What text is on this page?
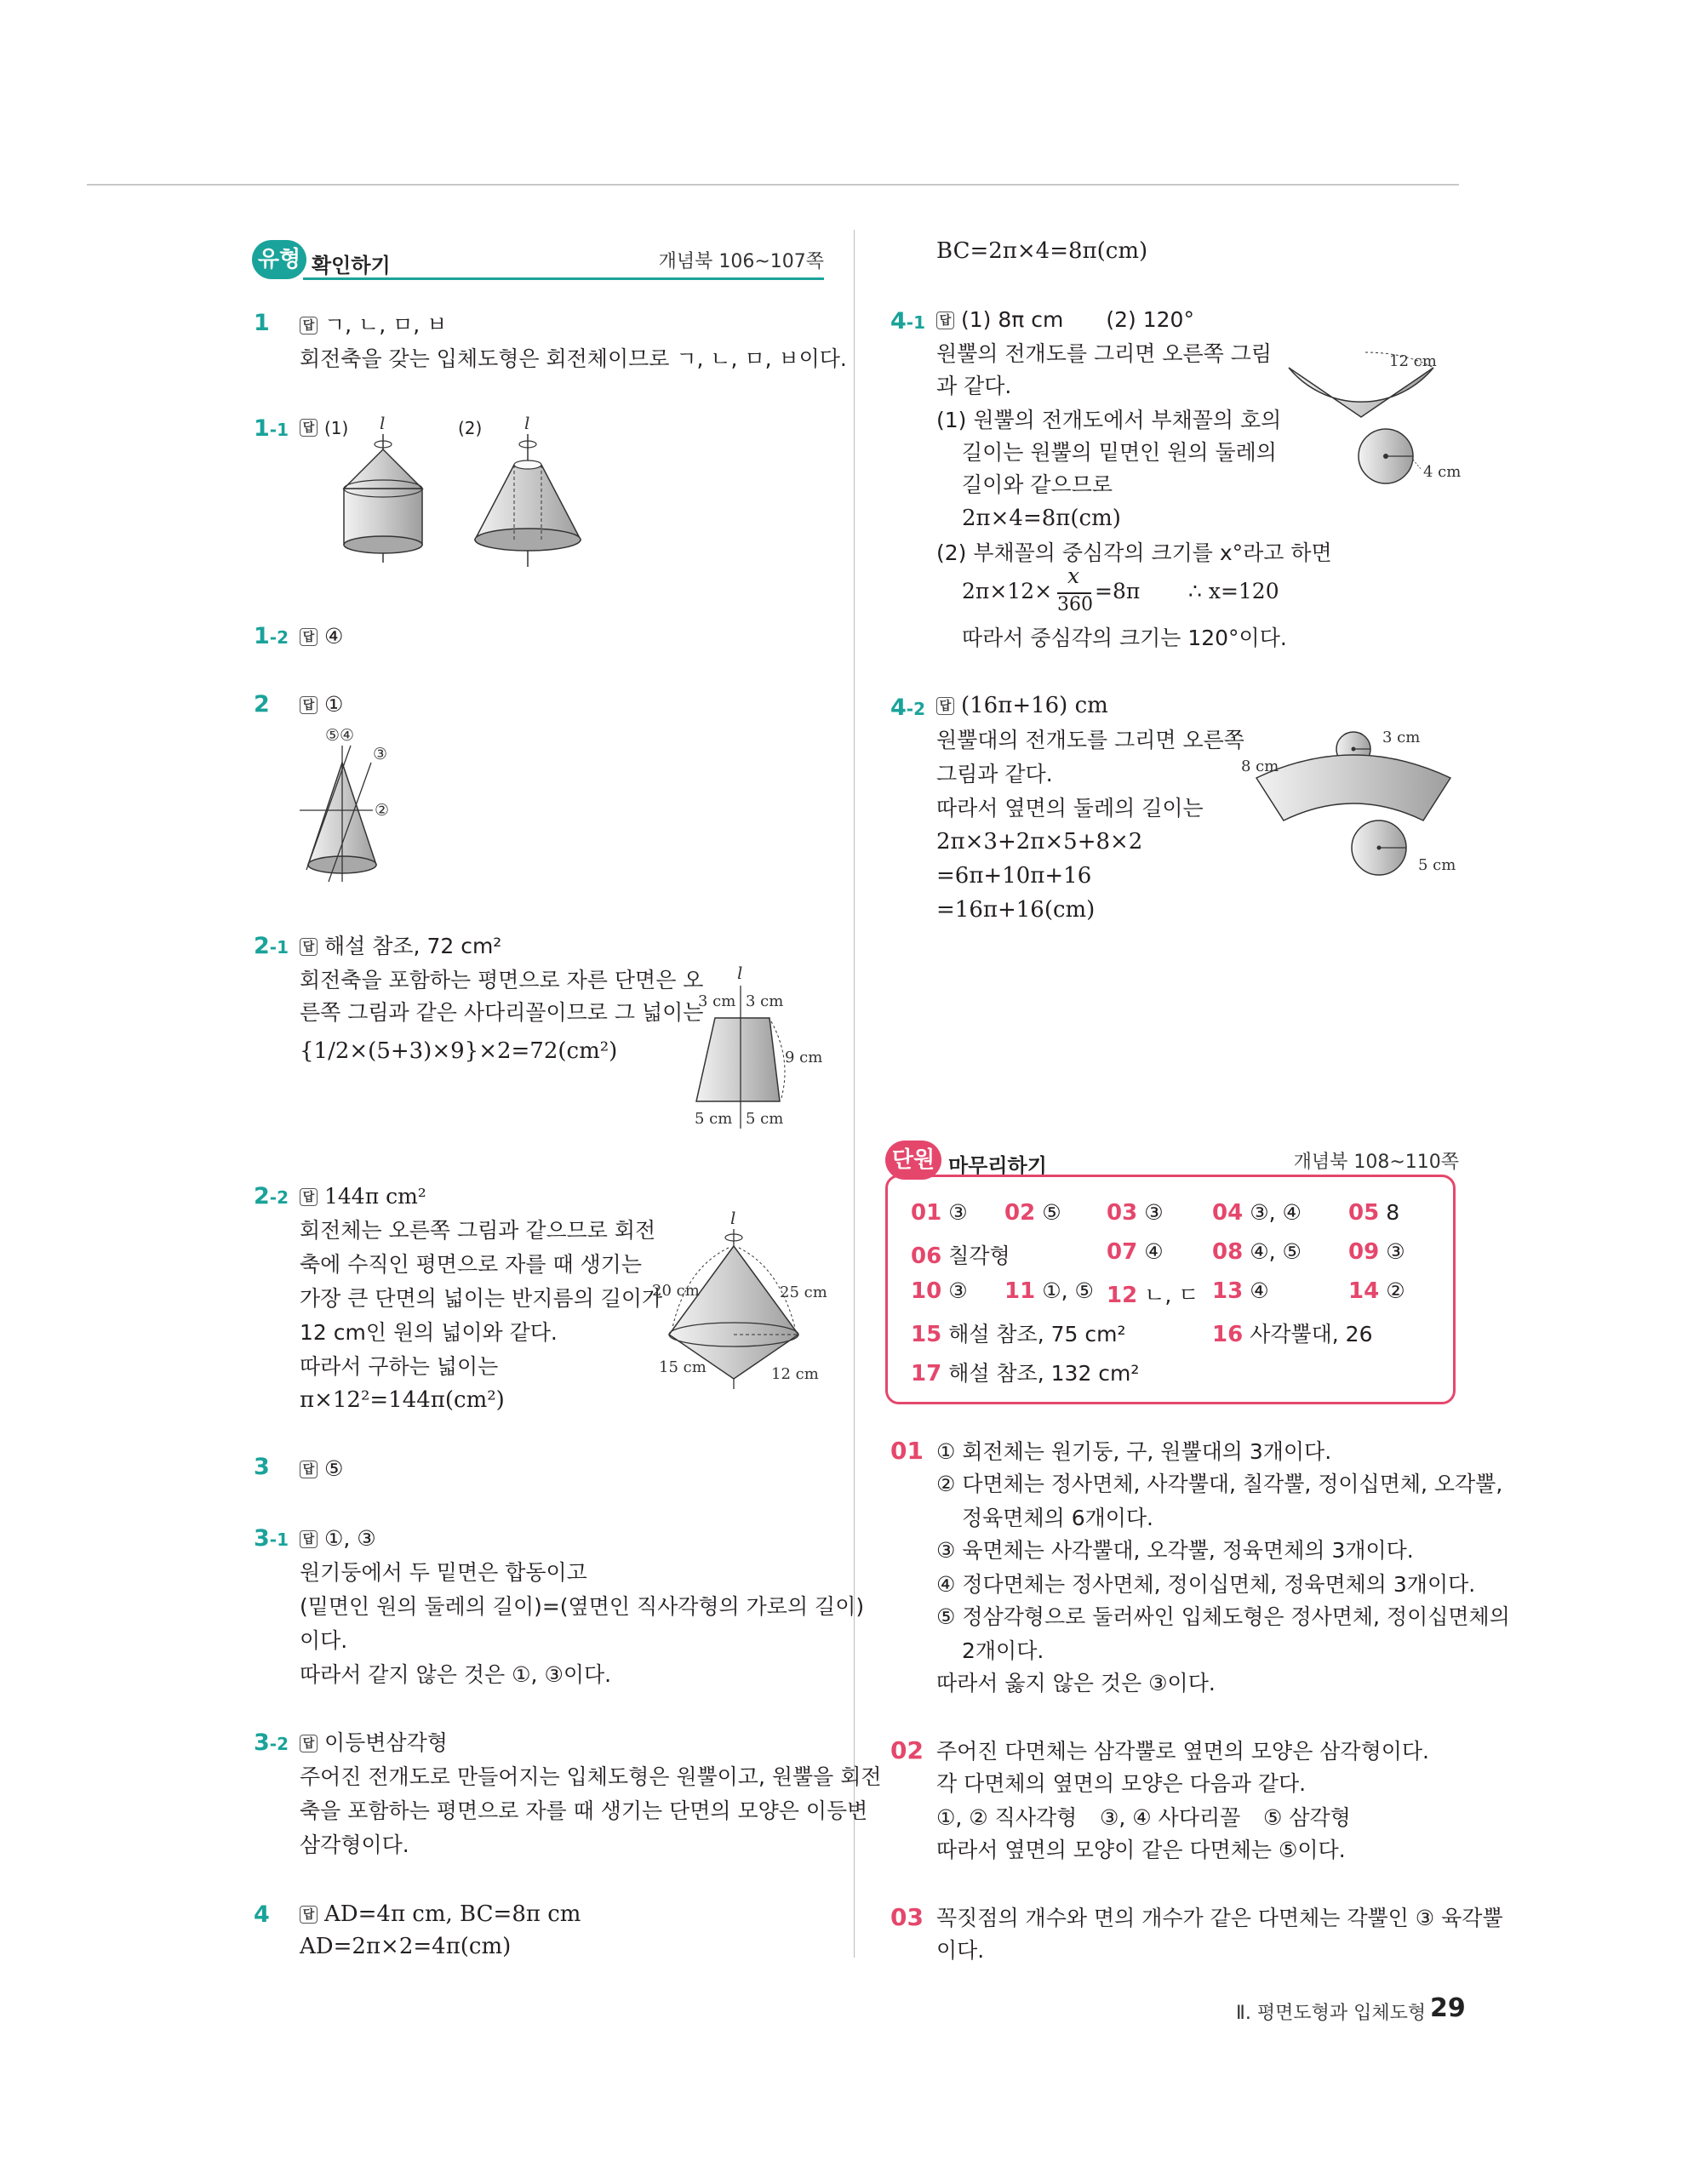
유형 확인하기	개념북 106~107쪽
1	답 ㄱ, ㄴ, ㅁ, ㅂ
회전축을 갖는 입체도형은 회전체이므로 ㄱ, ㄴ, ㅁ, ㅂ이다.
1-1 답 (1)	(2)
l	l
1-2 답 ④
2	답 ①
⑤④
③
②
2-1 답 해설 참조, 72 cm²
회전축을 포함하는 평면으로 자른 단면은 오
른쪽 그림과 같은 사다리꼴이므로 그 넓이는
{1/2×(5+3)×9}×2=72(cm²)
l
3 cm 3 cm
9 cm
5 cm 5 cm
2-2 답 144π cm²
회전체는 오른쪽 그림과 같으므로 회전
축에 수직인 평면으로 자를 때 생기는
가장 큰 단면의 넓이는 반지름의 길이가
12 cm인 원의 넓이와 같다.
따라서 구하는 넓이는
π×12²=144π(cm²)
l
20 cm	25 cm
15 cm	12 cm
3	답 ⑤
3-1 답 ①, ③
원기둥에서 두 밑면은 합동이고
(밑면인 원의 둘레의 길이)=(옆면인 직사각형의 가로의 길이)
이다.
따라서 같지 않은 것은 ①, ③이다.
3-2 답 이등변삼각형
주어진 전개도로 만들어지는 입체도형은 원뿔이고, 원뿔을 회전
축을 포함하는 평면으로 자를 때 생기는 단면의 모양은 이등변
삼각형이다.
4	답 AD=4π cm, BC=8π cm
AD=2π×2=4π(cm)
BC=2π×4=8π(cm)
4-1 답 (1) 8π cm (2) 120°
원뿔의 전개도를 그리면 오른쪽 그림
과 같다.
(1) 원뿔의 전개도에서 부채꼴의 호의
길이는 원뿔의 밑면인 원의 둘레의
길이와 같으므로
2π×4=8π(cm)
(2) 부채꼴의 중심각의 크기를 x°라고 하면
2π×12×
x
360
=8π ∴ x=120
따라서 중심각의 크기는 120°이다.
12 cm
4 cm
4-2 답 (16π+16) cm
원뿔대의 전개도를 그리면 오른쪽
그림과 같다.
따라서 옆면의 둘레의 길이는
2π×3+2π×5+8×2
=6π+10π+16
=16π+16(cm)
3 cm
8 cm
5 cm
단원 마무리하기	개념북 108~110쪽
01 ③ 02 ⑤ 03 ③ 04 ③, ④ 05 8
06 칠각형	07 ④ 08 ④, ⑤ 09 ③
10 ③ 11 ①, ⑤ 12 ㄴ, ㄷ 13 ④	14 ②
15 해설 참조, 75 cm²	16 사각뿔대, 26
17 해설 참조, 132 cm²
01 ① 회전체는 원기둥, 구, 원뿔대의 3개이다.
② 다면체는 정사면체, 사각뿔대, 칠각뿔, 정이십면체, 오각뿔,
정육면체의 6개이다.
③ 육면체는 사각뿔대, 오각뿔, 정육면체의 3개이다.
④ 정다면체는 정사면체, 정이십면체, 정육면체의 3개이다.
⑤ 정삼각형으로 둘러싸인 입체도형은 정사면체, 정이십면체의
2개이다.
따라서 옳지 않은 것은 ③이다.
02 주어진 다면체는 삼각뿔로 옆면의 모양은 삼각형이다.
각 다면체의 옆면의 모양은 다음과 같다.
①, ② 직사각형 ③, ④ 사다리꼴 ⑤ 삼각형
따라서 옆면의 모양이 같은 다면체는 ⑤이다.
03 꼭짓점의 개수와 면의 개수가 같은 다면체는 각뿔인 ③ 육각뿔
이다.
Ⅱ. 평면도형과 입체도형 29
